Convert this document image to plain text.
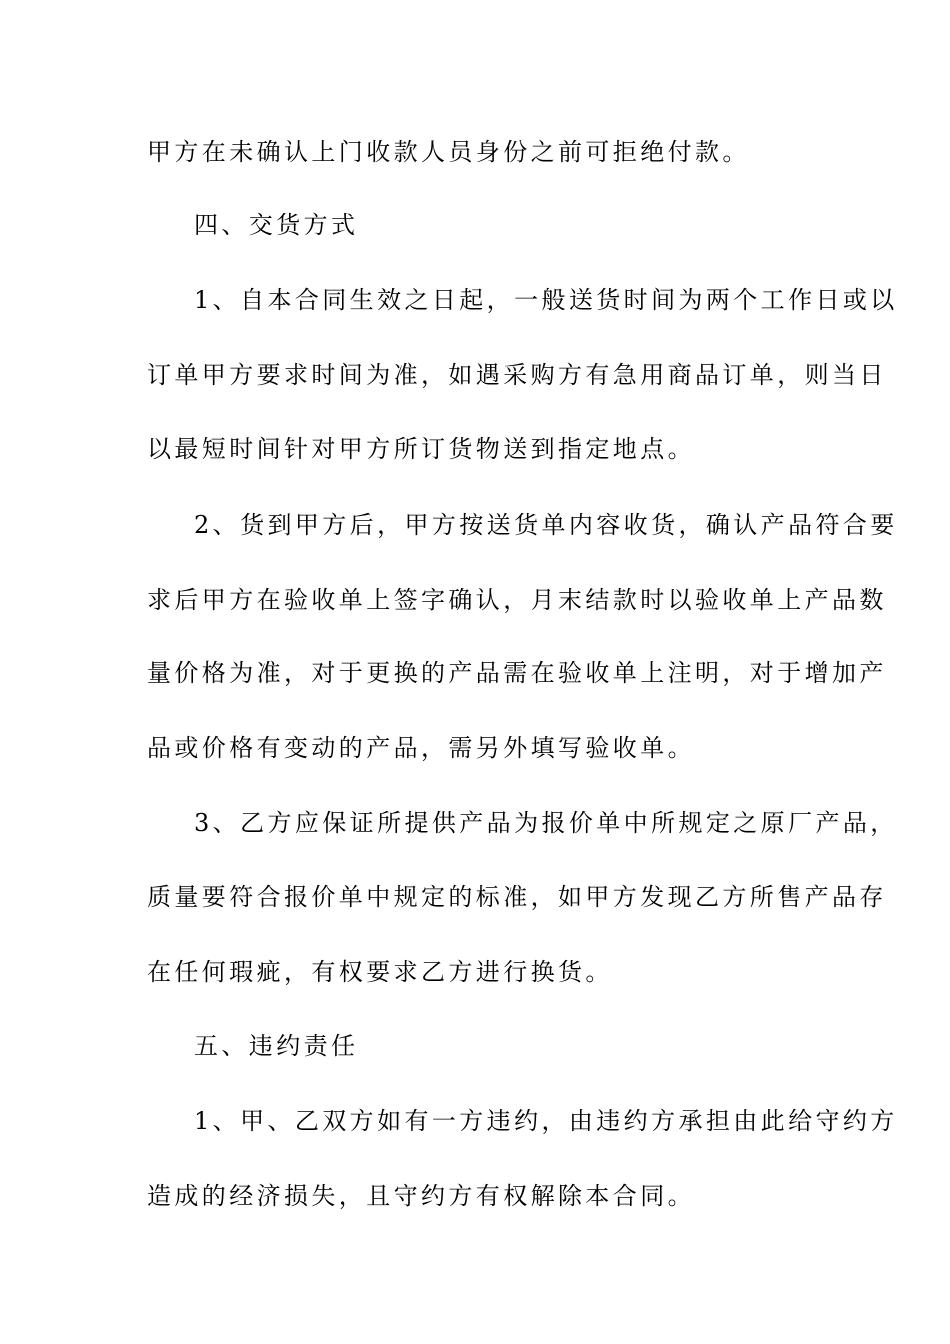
甲方在未确认上门收款人员身份之前可拒绝付款。
四、交货方式
1、自本合同生效之日起，一般送货时间为两个工作日或以
订单甲方要求时间为准，如遇采购方有急用商品订单，则当日
以最短时间针对甲方所订货物送到指定地点。
2、货到甲方后，甲方按送货单内容收货，确认产品符合要
求后甲方在验收单上签字确认，月末结款时以验收单上产品数
量价格为准，对于更换的产品需在验收单上注明，对于增加产
品或价格有变动的产品，需另外填写验收单。
3、乙方应保证所提供产品为报价单中所规定之原厂产品，
质量要符合报价单中规定的标准，如甲方发现乙方所售产品存
在任何瑕疵，有权要求乙方进行换货。
五、违约责任
1、甲、乙双方如有一方违约，由违约方承担由此给守约方
造成的经济损失，且守约方有权解除本合同。
